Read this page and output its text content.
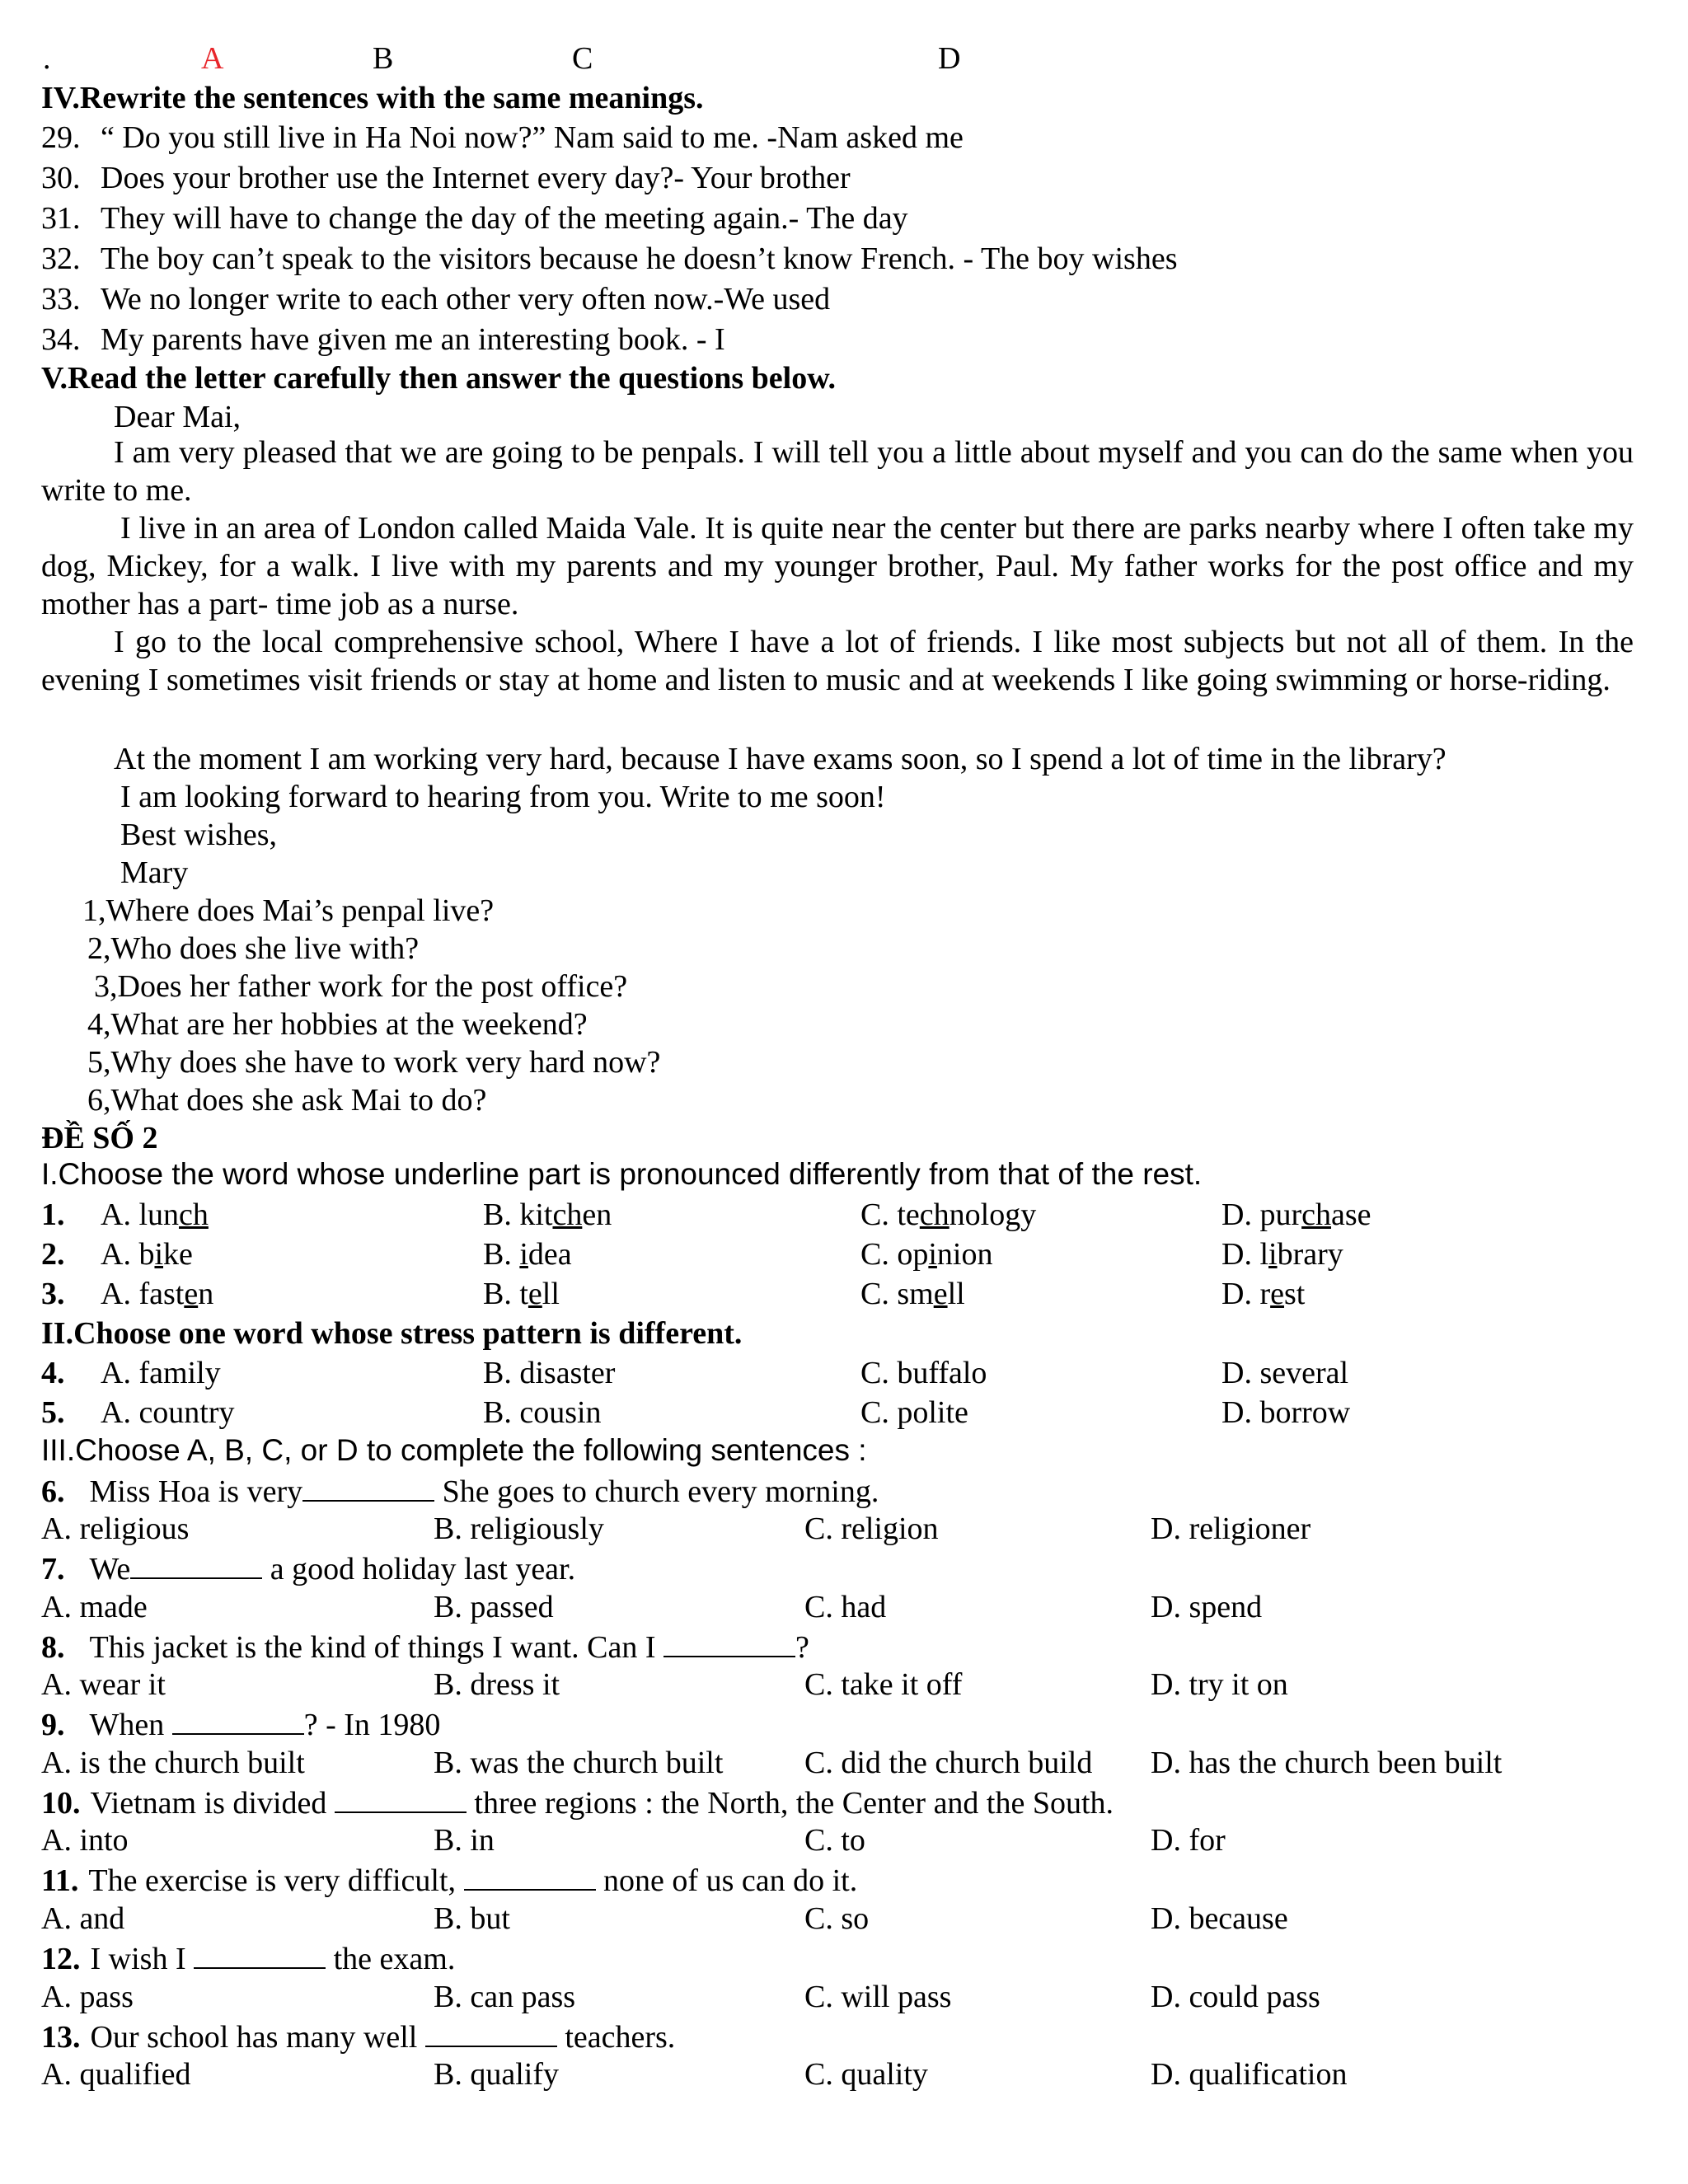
.	A	B	C	D
IV.Rewrite the sentences with the same meanings.
29. “ Do you still live in Ha Noi now?” Nam said to me. -Nam asked me
30. Does your brother use the Internet every day?- Your brother
31. They will have to change the day of the meeting again.- The day
32. The boy can’t speak to the visitors because he doesn’t know French. - The boy wishes
33. We no longer write to each other very often now.-We used
34. My parents have given me an interesting book. - I
V.Read the letter carefully then answer the questions below.
Dear Mai,
I am very pleased that we are going to be penpals. I will tell you a little about myself and you can do the same when you write to me.
I live in an area of London called Maida Vale. It is quite near the center but there are parks nearby where I often take my dog, Mickey, for a walk. I live with my parents and my younger brother, Paul. My father works for the post office and my mother has a part- time job as a nurse.
I go to the local comprehensive school, Where I have a lot of friends. I like most subjects but not all of them. In the evening I sometimes visit friends or stay at home and listen to music and at weekends I like going swimming or horse-riding.
At the moment I am working very hard, because I have exams soon, so I spend a lot of time in the library?
I am looking forward to hearing from you. Write to me soon!
Best wishes,
Mary
1,Where does Mai’s penpal live?
2,Who does she live with?
3,Does her father work for the post office?
4,What are her hobbies at the weekend?
5,Why does she have to work very hard now?
6,What does she ask Mai to do?
ĐỀ SỐ 2
I.Choose the word whose underline part is pronounced differently from that of the rest.
1. A. lunch	B. kitchen	C. technology	D. purchase
2. A. bike	B. idea	C. opinion	D. library
3. A. fasten	B. tell	C. smell	D. rest
II.Choose one word whose stress pattern is different.
4. A. family	B. disaster	C. buffalo	D. several
5. A. country	B. cousin	C. polite	D. borrow
III.Choose A, B, C, or D to complete the following sentences :
6. Miss Hoa is very	She goes to church every morning.
A. religious	B. religiously	C. religion	D. religioner
7. We	a good holiday last year.
A. made	B. passed	C. had	D. spend
8. This jacket is the kind of things I want. Can I	?
A. wear it	B. dress it	C. take it off	D. try it on
9. When	? - In 1980
A. is the church built	B. was the church built	C. did the church build D. has the church been built
10. Vietnam is divided	three regions : the North, the Center and the South.
A. into	B. in	C. to	D. for
11. The exercise is very difficult,	none of us can do it.
A. and	B. but	C. so	D. because
12. I wish I	the exam.
A. pass	B. can pass	C. will pass	D. could pass
13. Our school has many well	teachers.
A. qualified	B. qualify	C. quality	D. qualification
